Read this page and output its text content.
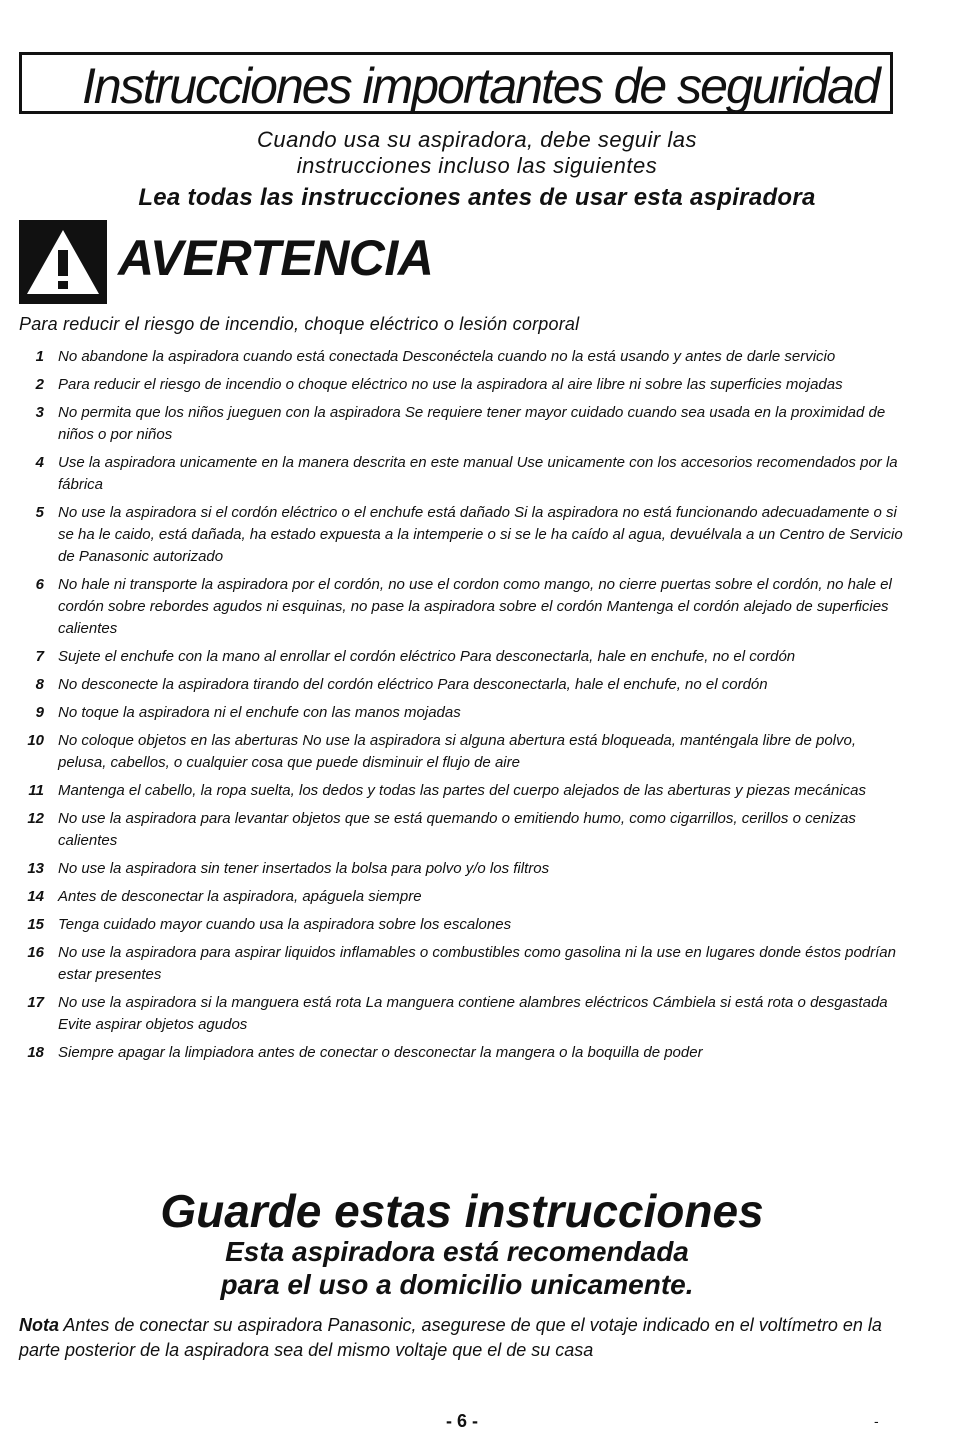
Instrucciones importantes de seguridad
Cuando usa su aspiradora, debe seguir las
instrucciones incluso las siguientes
Lea todas las instrucciones antes de usar esta aspiradora
AVERTENCIA
Para reducir el riesgo de incendio, choque eléctrico o lesión corporal
1 No abandone la aspiradora cuando está conectada Desconéctela cuando no la está usando y antes de darle servicio
2 Para reducir el riesgo de incendio o choque eléctrico no use la aspiradora al aire libre ni sobre las superficies mojadas
3 No permita que los niños jueguen con la aspiradora Se requiere tener mayor cuidado cuando sea usada en la proximidad de niños o por niños
4 Use la aspiradora unicamente en la manera descrita en este manual Use unicamente con los accesorios recomendados por la fábrica
5 No use la aspiradora si el cordón eléctrico o el enchufe está dañado Si la aspiradora no está funcionando adecuadamente o si se ha le caido, está dañada, ha estado expuesta a la intemperie o si se le ha caído al agua, devuélvala a un Centro de Servicio de Panasonic autorizado
6 No hale ni transporte la aspiradora por el cordón, no use el cordon como mango, no cierre puertas sobre el cordón, no hale el cordón sobre rebordes agudos ni esquinas, no pase la aspiradora sobre el cordón Mantenga el cordón alejado de superficies calientes
7 Sujete el enchufe con la mano al enrollar el cordón eléctrico Para desconectarla, hale en enchufe, no el cordón
8 No desconecte la aspiradora tirando del cordón eléctrico Para desconectarla, hale el enchufe, no el cordón
9 No toque la aspiradora ni el enchufe con las manos mojadas
10 No coloque objetos en las aberturas No use la aspiradora si alguna abertura está bloqueada, manténgala libre de polvo, pelusa, cabellos, o cualquier cosa que puede disminuir el flujo de aire
11 Mantenga el cabello, la ropa suelta, los dedos y todas las partes del cuerpo alejados de las aberturas y piezas mecánicas
12 No use la aspiradora para levantar objetos que se está quemando o emitiendo humo, como cigarrillos, cerillos o cenizas calientes
13 No use la aspiradora sin tener insertados la bolsa para polvo y/o los filtros
14 Antes de desconectar la aspiradora, apáguela siempre
15 Tenga cuidado mayor cuando usa la aspiradora sobre los escalones
16 No use la aspiradora para aspirar liquidos inflamables o combustibles como gasolina ni la use en lugares donde éstos podrían estar presentes
17 No use la aspiradora si la manguera está rota La manguera contiene alambres eléctricos Cámbiela si está rota o desgastada Evite aspirar objetos agudos
18 Siempre apagar la limpiadora antes de conectar o desconectar la mangera o la boquilla de poder
Guarde estas instrucciones
Esta aspiradora está recomendada
para el uso a domicilio unicamente.
Nota Antes de conectar su aspiradora Panasonic, asegurese de que el votaje indicado en el voltímetro en la parte posterior de la aspiradora sea del mismo voltaje que el de su casa
- 6 -	-
